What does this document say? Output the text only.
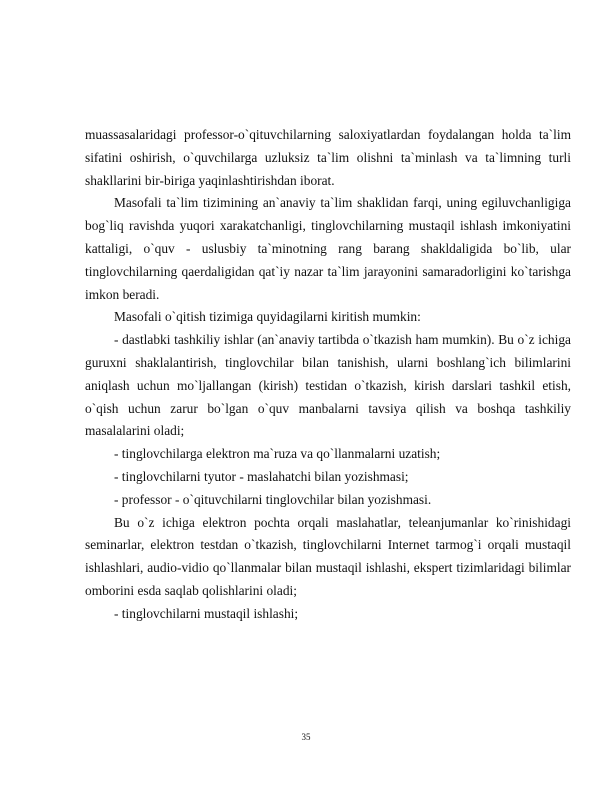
muassasalaridagi professor-o`qituvchilarning saloxiyatlardan foydalangan holda ta`lim sifatini oshirish, o`quvchilarga uzluksiz ta`lim olishni ta`minlash va ta`limning turli shakllarini bir-biriga yaqinlashtirishdan iborat.

Masofali ta`lim tizimining an`anaviy ta`lim shaklidan farqi, uning egiluvchanligiga bog`liq ravishda yuqori xarakatchanligi, tinglovchilarning mustaqil ishlash imkoniyatini kattaligi, o`quv - uslusbiy ta`minotning rang barang shakldaligida bo`lib, ular tinglovchilarning qaerdaligidan qat`iy nazar ta`lim jarayonini samaradorligini ko`tarishga imkon beradi.

Masofali o`qitish tizimiga quyidagilarni kiritish mumkin:

- dastlabki tashkiliy ishlar (an`anaviy tartibda o`tkazish ham mumkin). Bu o`z ichiga guruxni shaklalantirish, tinglovchilar bilan tanishish, ularni boshlang`ich bilimlarini aniqlash uchun mo`ljallangan (kirish) testidan o`tkazish, kirish darslari tashkil etish, o`qish uchun zarur bo`lgan o`quv manbalarni tavsiya qilish va boshqa tashkiliy masalalarini oladi;

- tinglovchilarga elektron ma`ruza va qo`llanmalarni uzatish;

- tinglovchilarni tyutor - maslahatchi bilan yozishmasi;

- professor - o`qituvchilarni tinglovchilar bilan yozishmasi.

Bu o`z ichiga elektron pochta orqali maslahatlar, teleanjumanlar ko`rinishidagi seminarlar, elektron testdan o`tkazish, tinglovchilarni Internet tarmog`i orqali mustaqil ishlashlari, audio-vidio qo`llanmalar bilan mustaqil ishlashi, ekspert tizimlaridagi bilimlar omborini esda saqlab qolishlarini oladi;

- tinglovchilarni mustaqil ishlashi;

35
